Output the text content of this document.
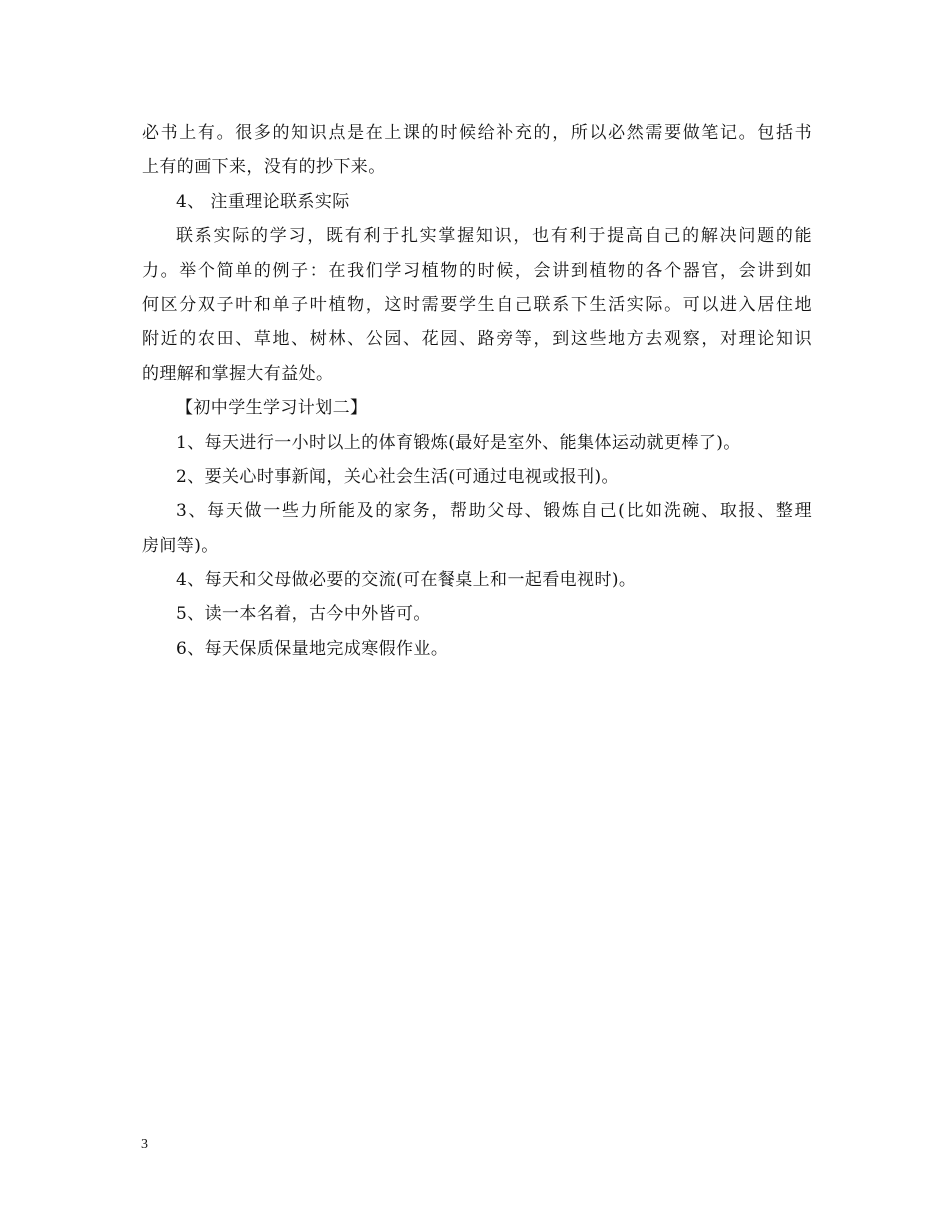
必书上有。很多的知识点是在上课的时候给补充的，所以必然需要做笔记。包括书
上有的画下来，没有的抄下来。
4、 注重理论联系实际
联系实际的学习，既有利于扎实掌握知识，也有利于提高自己的解决问题的能
力。举个简单的例子：在我们学习植物的时候，会讲到植物的各个器官，会讲到如
何区分双子叶和单子叶植物，这时需要学生自己联系下生活实际。可以进入居住地
附近的农田、草地、树林、公园、花园、路旁等，到这些地方去观察，对理论知识
的理解和掌握大有益处。
【初中学生学习计划二】
1、每天进行一小时以上的体育锻炼(最好是室外、能集体运动就更棒了)。
2、要关心时事新闻，关心社会生活(可通过电视或报刊)。
3、每天做一些力所能及的家务，帮助父母、锻炼自己(比如洗碗、取报、整理
房间等)。
4、每天和父母做必要的交流(可在餐桌上和一起看电视时)。
5、读一本名着，古今中外皆可。
6、每天保质保量地完成寒假作业。
3
